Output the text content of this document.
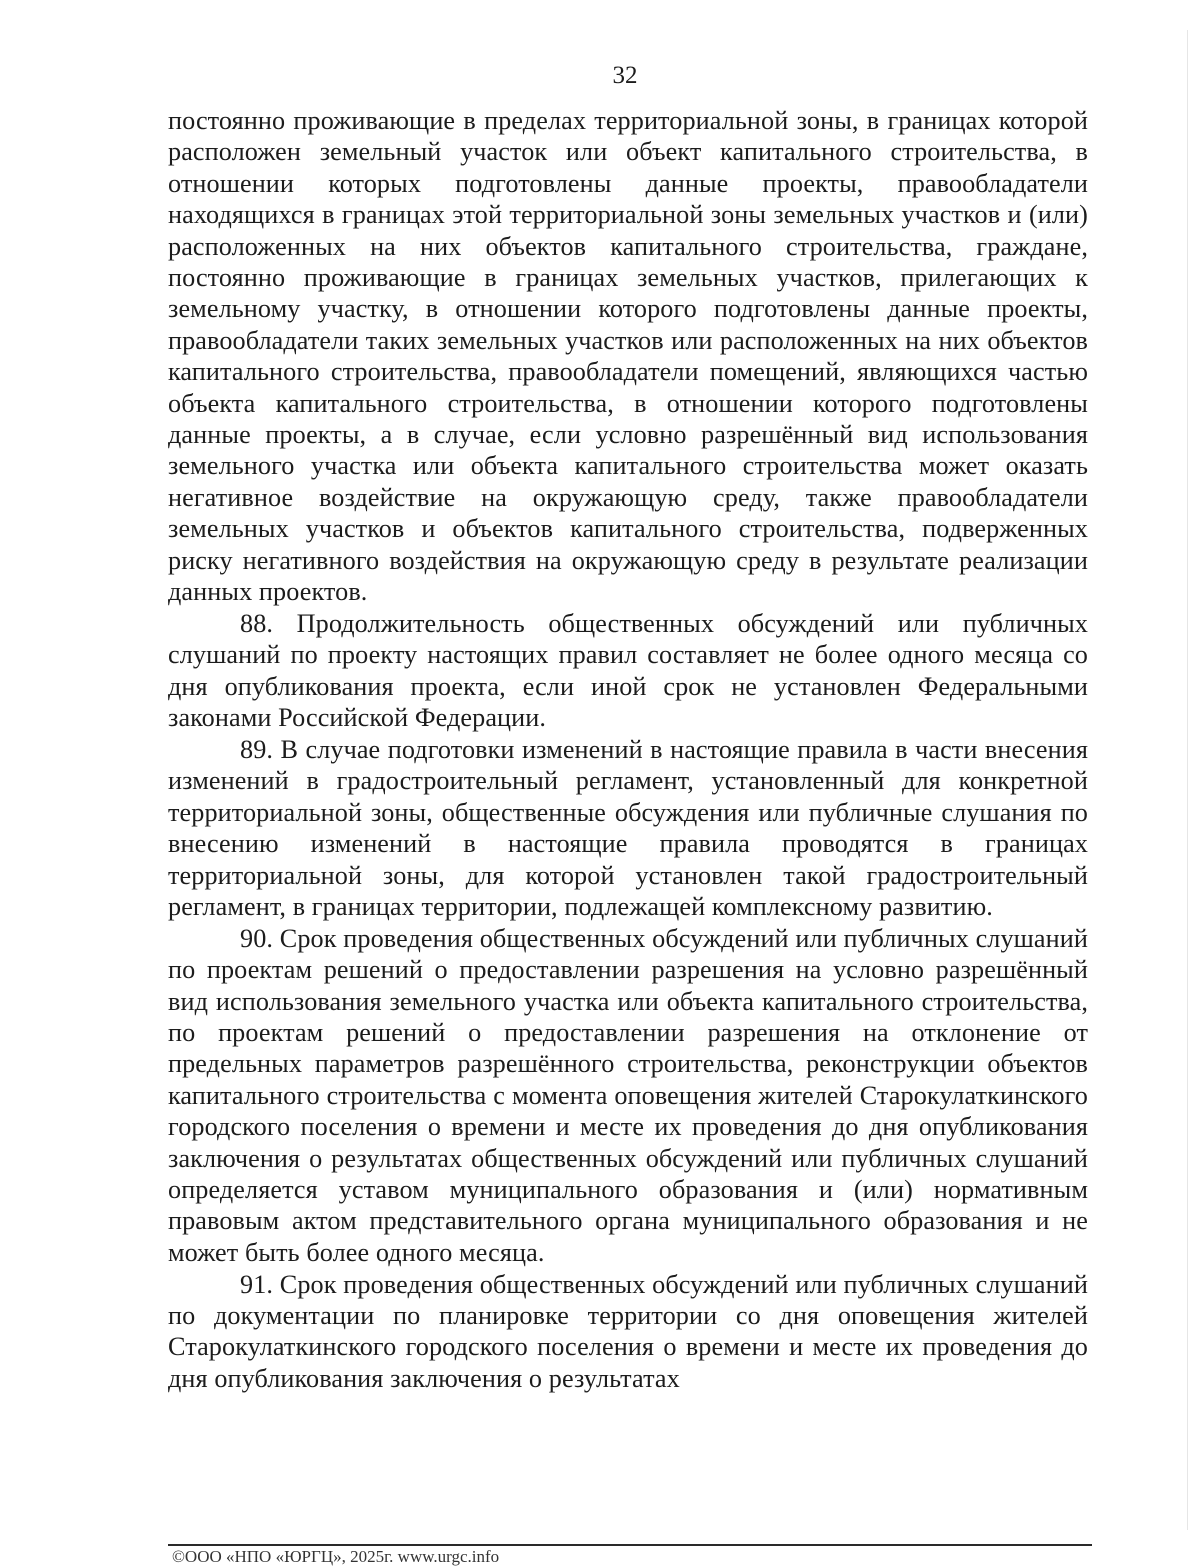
32

постоянно проживающие в пределах территориальной зоны, в границах которой расположен земельный участок или объект капитального строительства, в отношении которых подготовлены данные проекты, правообладатели находящихся в границах этой территориальной зоны земельных участков и (или) расположенных на них объектов капитального строительства, граждане, постоянно проживающие в границах земельных участков, прилегающих к земельному участку, в отношении которого подготовлены данные проекты, правообладатели таких земельных участков или расположенных на них объектов капитального строительства, правообладатели помещений, являющихся частью объекта капитального строительства, в отношении которого подготовлены данные проекты, а в случае, если условно разрешённый вид использования земельного участка или объекта капитального строительства может оказать негативное воздействие на окружающую среду, также правообладатели земельных участков и объектов капитального строительства, подверженных риску негативного воздействия на окружающую среду в результате реализации данных проектов.

88. Продолжительность общественных обсуждений или публичных слушаний по проекту настоящих правил составляет не более одного месяца со дня опубликования проекта, если иной срок не установлен Федеральными законами Российской Федерации.

89. В случае подготовки изменений в настоящие правила в части внесения изменений в градостроительный регламент, установленный для конкретной территориальной зоны, общественные обсуждения или публичные слушания по внесению изменений в настоящие правила проводятся в границах территориальной зоны, для которой установлен такой градостроительный регламент, в границах территории, подлежащей комплексному развитию.

90. Срок проведения общественных обсуждений или публичных слушаний по проектам решений о предоставлении разрешения на условно разрешённый вид использования земельного участка или объекта капитального строительства, по проектам решений о предоставлении разрешения на отклонение от предельных параметров разрешённого строительства, реконструкции объектов капитального строительства с момента оповещения жителей Старокулаткинского городского поселения о времени и месте их проведения до дня опубликования заключения о результатах общественных обсуждений или публичных слушаний определяется уставом муниципального образования и (или) нормативным правовым актом представительного органа муниципального образования и не может быть более одного месяца.

91. Срок проведения общественных обсуждений или публичных слушаний по документации по планировке территории со дня оповещения жителей Старокулаткинского городского поселения о времени и месте их проведения до дня опубликования заключения о результатах

©ООО «НПО «ЮРГЦ», 2025г. www.urgc.info
